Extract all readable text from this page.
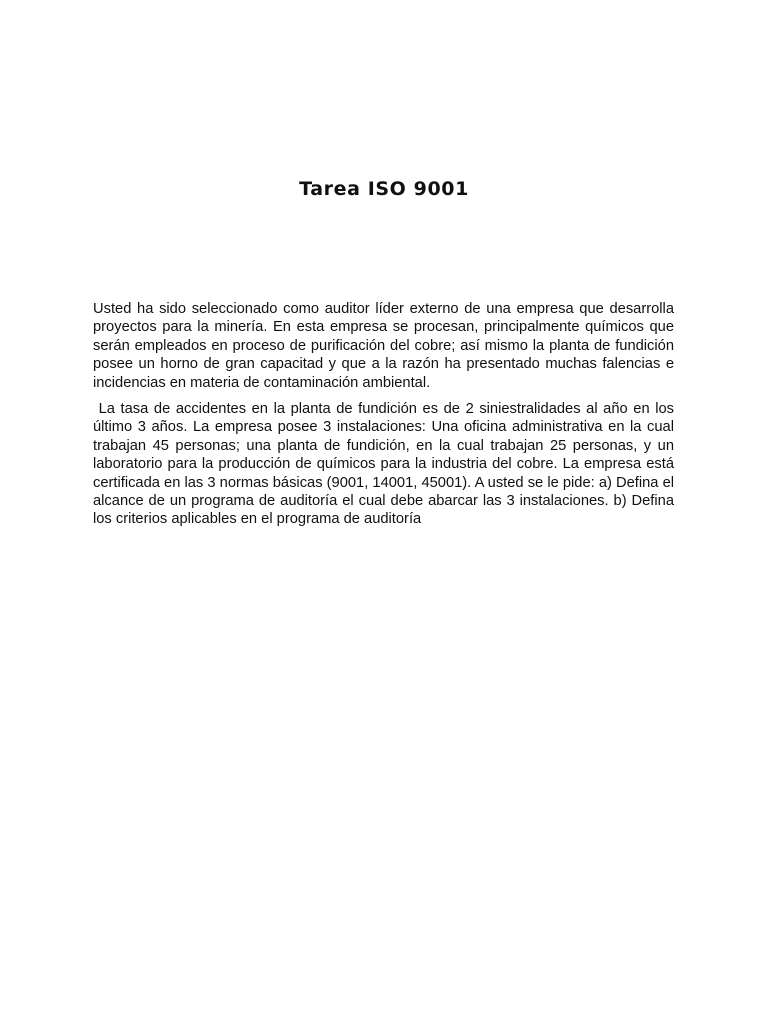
Tarea ISO 9001

Usted ha sido seleccionado como auditor líder externo de una empresa que desarrolla proyectos para la minería. En esta empresa se procesan, principalmente químicos que serán empleados en proceso de purificación del cobre; así mismo la planta de fundición posee un horno de gran capacitad y que a la razón ha presentado muchas falencias e incidencias en materia de contaminación ambiental.

La tasa de accidentes en la planta de fundición es de 2 siniestralidades al año en los último 3 años. La empresa posee 3 instalaciones: Una oficina administrativa en la cual trabajan 45 personas; una planta de fundición, en la cual trabajan 25 personas, y un laboratorio para la producción de químicos para la industria del cobre. La empresa está certificada en las 3 normas básicas (9001, 14001, 45001). A usted se le pide: a) Defina el alcance de un programa de auditoría el cual debe abarcar las 3 instalaciones. b) Defina los criterios aplicables en el programa de auditoría
